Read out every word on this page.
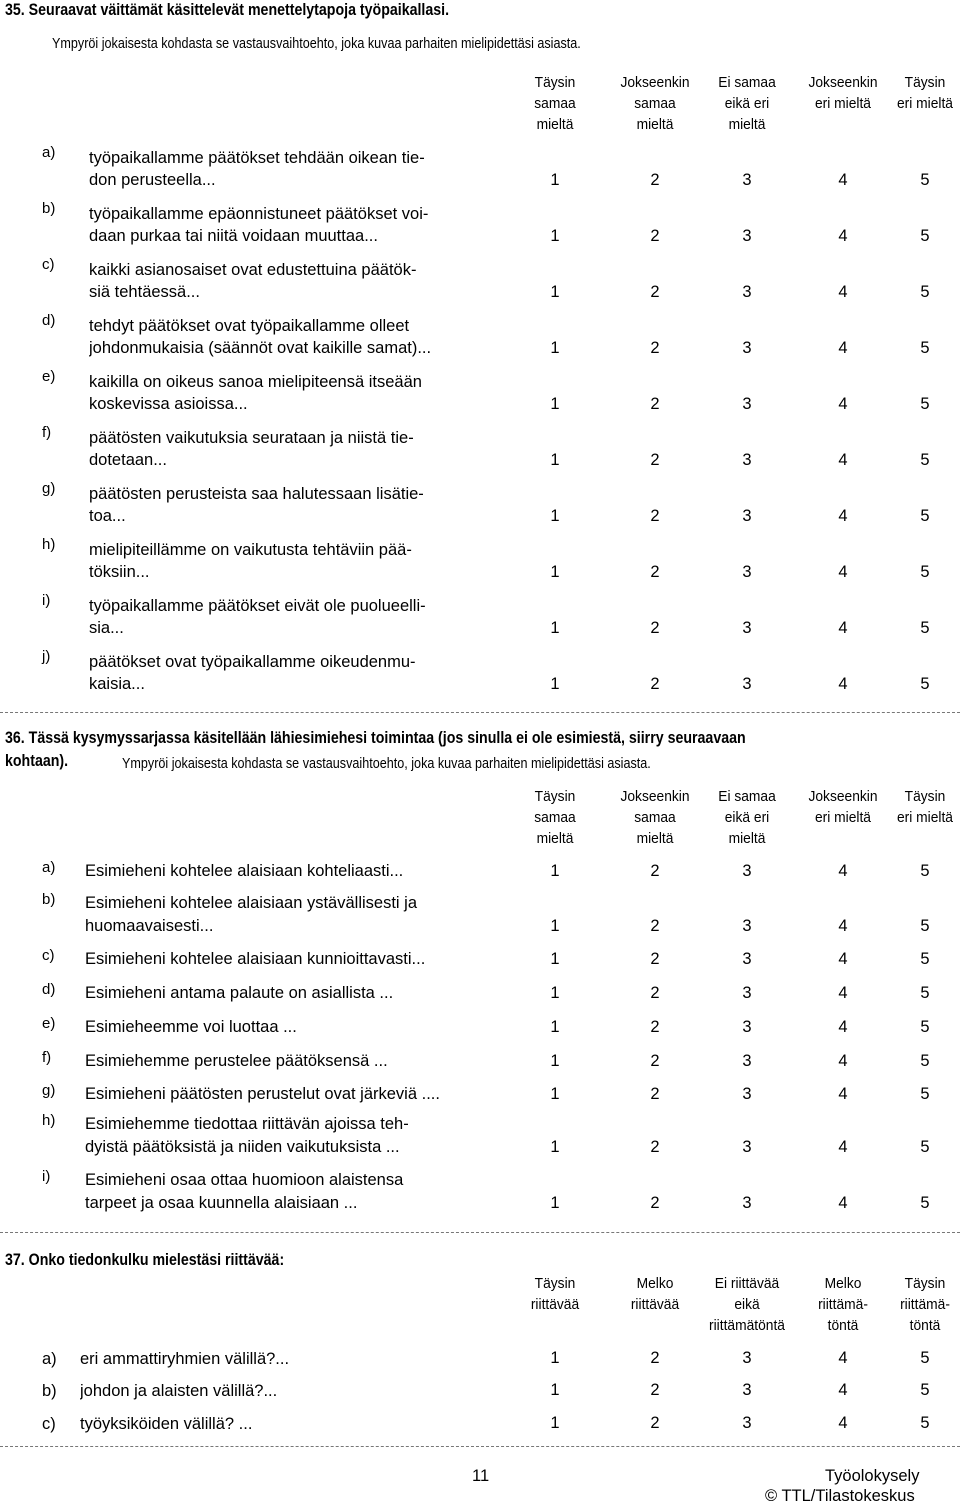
35. Seuraavat väittämät käsittelevät menettelytapoja työpaikallasi.
Ympyröi jokaisesta kohdasta se vastausvaihtoehto, joka kuvaa parhaiten mielipidettäsi asiasta.
Täysin
samaa
mieltä
Jokseenkin
samaa
mieltä
Ei samaa
eikä eri
mieltä
Jokseenkin
eri mieltä
Täysin
eri mieltä
a) työpaikallamme päätökset tehdään oikean tie-
don perusteella...	1	2	3	4	5
b) työpaikallamme epäonnistuneet päätökset voi-
daan purkaa tai niitä voidaan muuttaa...	1	2	3	4	5
c) kaikki asianosaiset ovat edustettuina päätök-
siä tehtäessä...	1	2	3	4	5
d) tehdyt päätökset ovat työpaikallamme olleet
johdonmukaisia (säännöt ovat kaikille samat)...	1	2	3	4	5
e) kaikilla on oikeus sanoa mielipiteensä itseään
koskevissa asioissa...	1	2	3	4	5
f) päätösten vaikutuksia seurataan ja niistä tie-
dotetaan...	1	2	3	4	5
g) päätösten perusteista saa halutessaan lisätie-
toa...	1	2	3	4	5
h) mielipiteillämme on vaikutusta tehtäviin pää-
töksiin...	1	2	3	4	5
i) työpaikallamme päätökset eivät ole puolueelli-
sia...	1	2	3	4	5
j) päätökset ovat työpaikallamme oikeudenmu-
kaisia...	1	2	3	4	5
36. Tässä kysymyssarjassa käsitellään lähiesimiehesi toimintaa (jos sinulla ei ole esimiestä, siirry seuraavaan
kohtaan).	Ympyröi jokaisesta kohdasta se vastausvaihtoehto, joka kuvaa parhaiten mielipidettäsi asiasta.
Täysin
samaa
mieltä
Jokseenkin
samaa
mieltä
Ei samaa
eikä eri
mieltä
Jokseenkin
eri mieltä
Täysin
eri mieltä
a) Esimieheni kohtelee alaisiaan kohteliaasti...	1	2	3	4	5
b) Esimieheni kohtelee alaisiaan ystävällisesti ja
huomaavaisesti...	1	2	3	4	5
c) Esimieheni kohtelee alaisiaan kunnioittavasti...	1	2	3	4	5
d) Esimieheni antama palaute on asiallista ...	1	2	3	4	5
e) Esimieheemme voi luottaa ...	1	2	3	4	5
f) Esimiehemme perustelee päätöksensä ...	1	2	3	4	5
g) Esimieheni päätösten perustelut ovat järkeviä ....	1	2	3	4	5
h) Esimiehemme tiedottaa riittävän ajoissa teh-
dyistä päätöksistä ja niiden vaikutuksista ...	1	2	3	4	5
i) Esimieheni osaa ottaa huomioon alaistensa
tarpeet ja osaa kuunnella alaisiaan ...	1	2	3	4	5
37. Onko tiedonkulku mielestäsi riittävää:
Täysin
riittävää
Melko
riittävää
Ei riittävää
eikä
riittämätöntä
Melko
riittämä-
töntä
Täysin
riittämä-
töntä
a) eri ammattiryhmien välillä?...	1	2	3	4	5
b) johdon ja alaisten välillä?...	1	2	3	4	5
c) työyksiköiden välillä? ...	1	2	3	4	5
11	Työolokysely
© TTL/Tilastokeskus
